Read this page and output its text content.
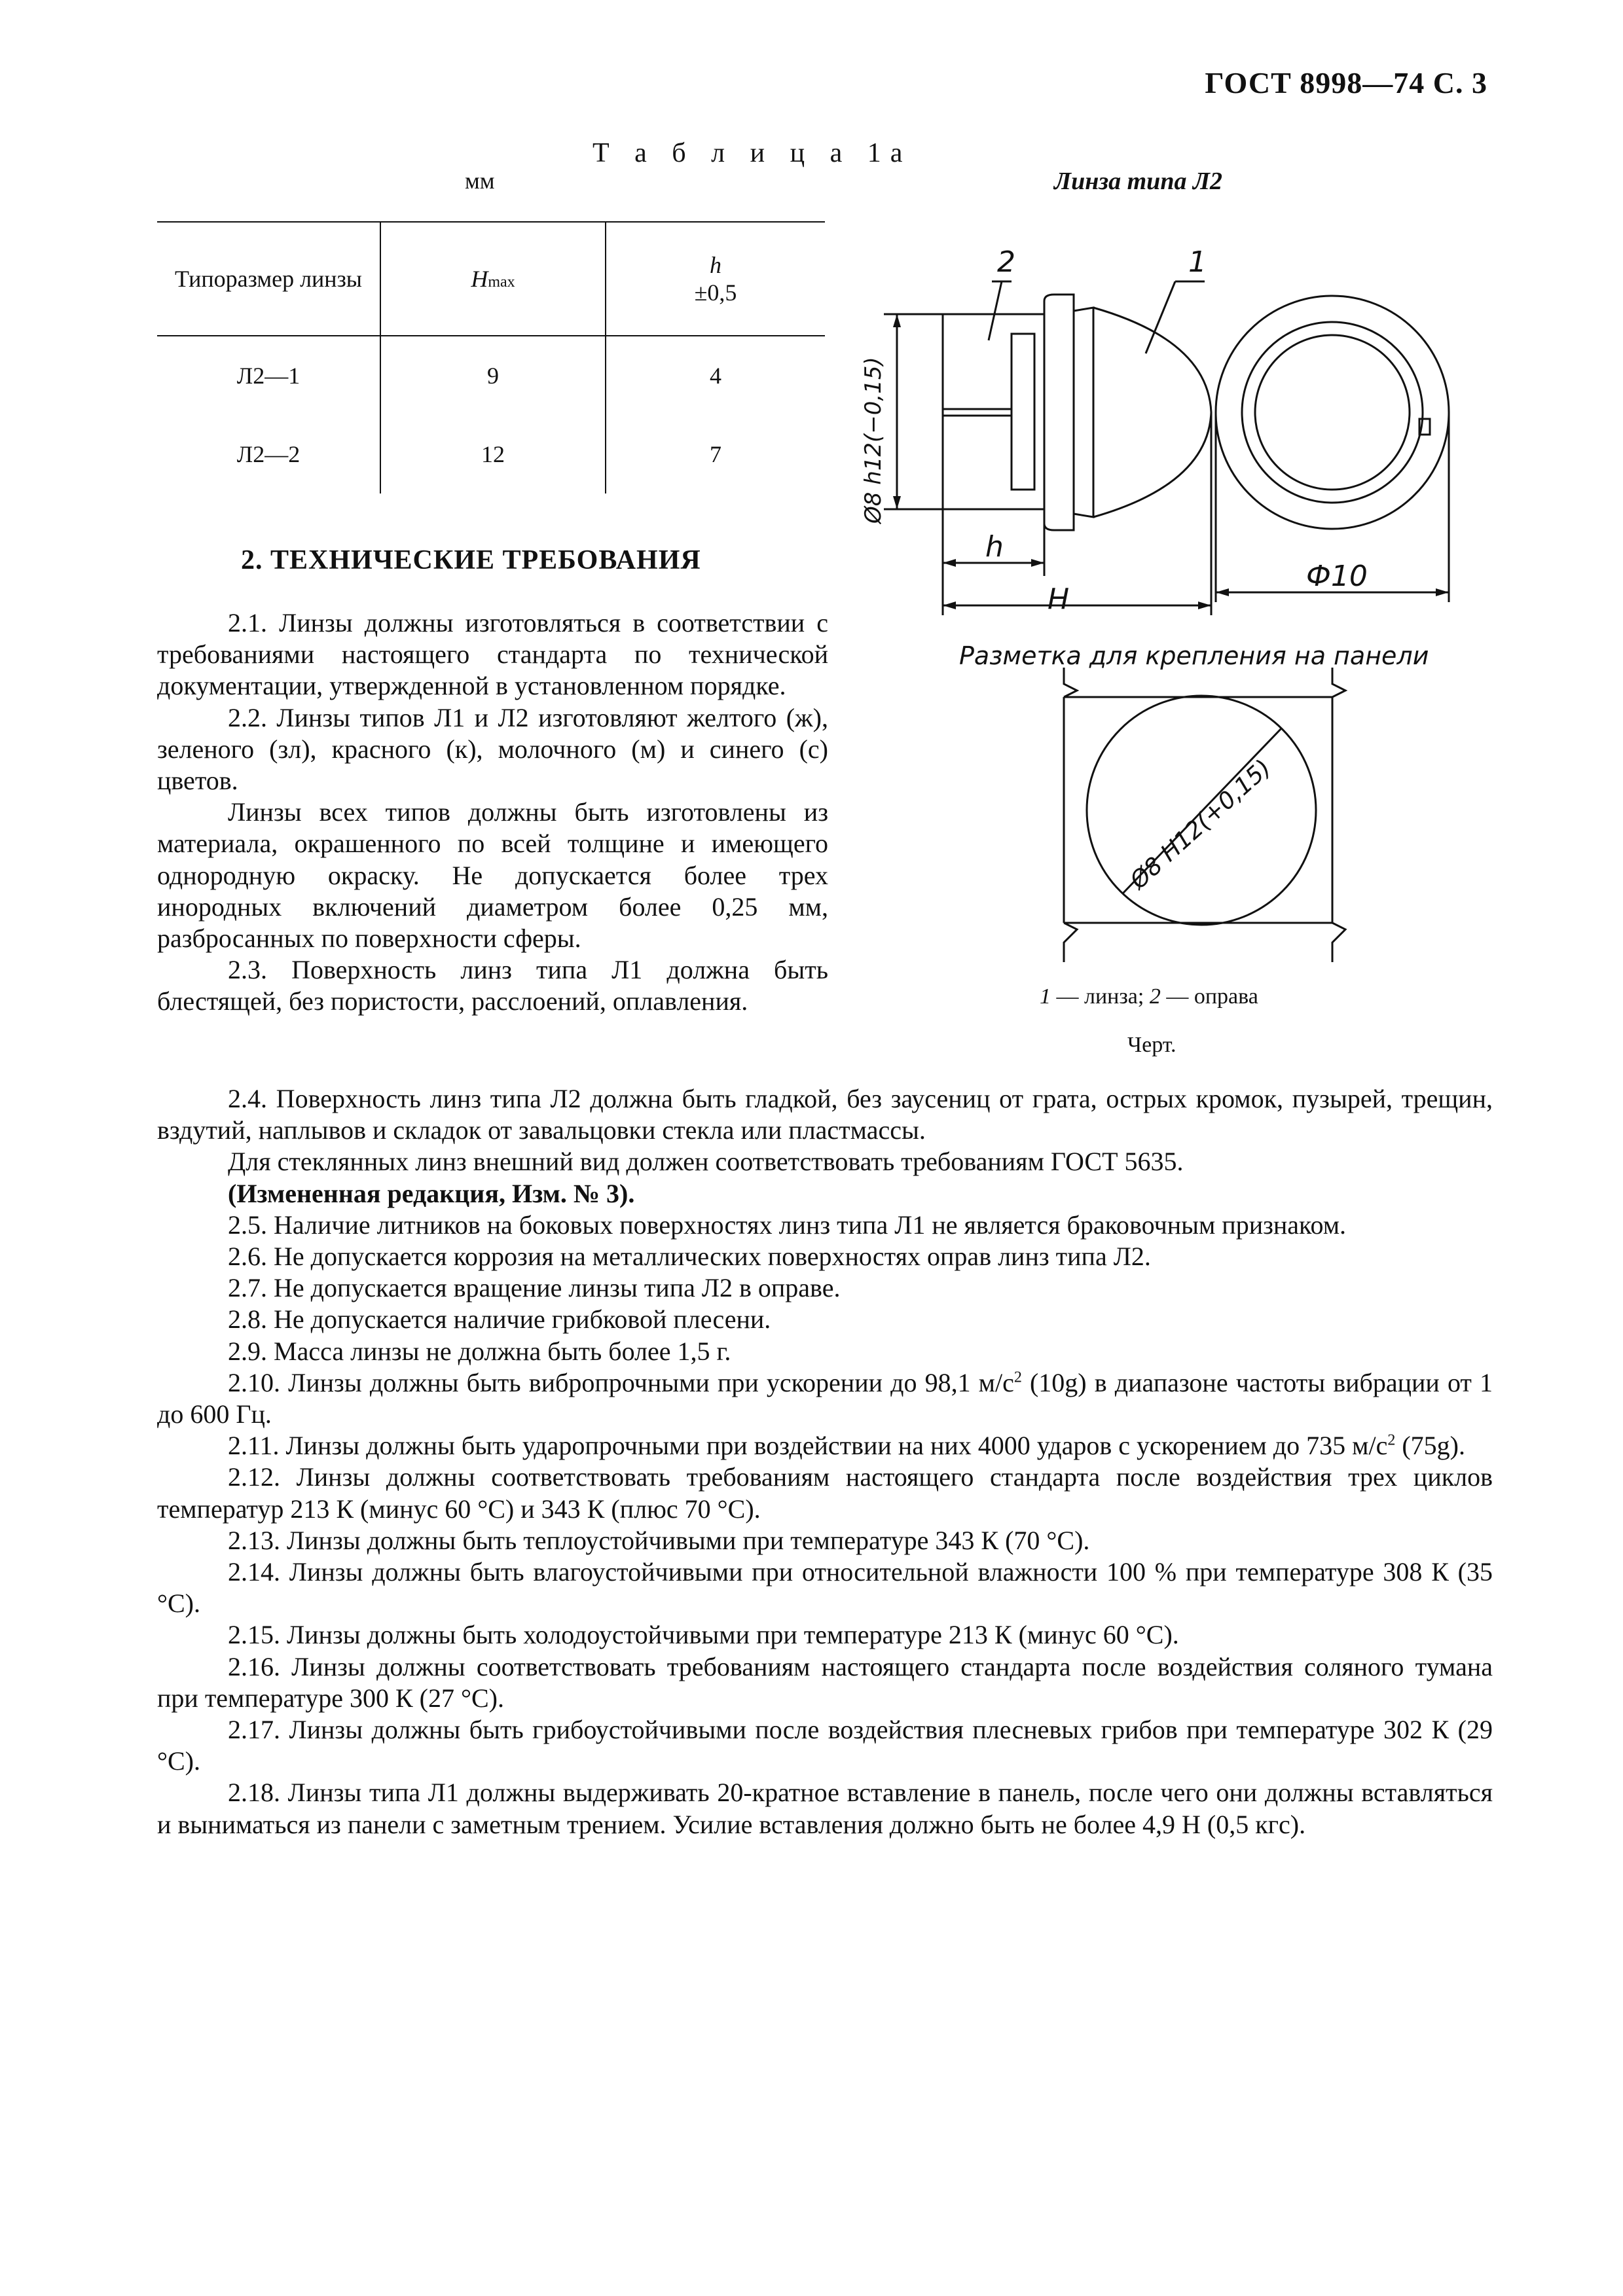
ГОСТ 8998—74 С. 3
Т а б л и ц а 1а
мм
Типоразмер линзы	Hmax	h
±0,5
Л2—1	9	4
Л2—2	12	7
Линза типа Л2
2	1
Ø8 h12(−0,15)
h
H
Ф10
Разметка для крепления на панели
Ø8 H12(+0,15)
1 — линза; 2 — оправа
Черт.
2. ТЕХНИЧЕСКИЕ ТРЕБОВАНИЯ

2.1. Линзы должны изготовляться в соответствии с требованиями настоящего стандарта по технической документации, утвержденной в установленном порядке.

2.2. Линзы типов Л1 и Л2 изготовляют желтого (ж), зеленого (зл), красного (к), молочного (м) и синего (с) цветов.

Линзы всех типов должны быть изготовлены из материала, окрашенного по всей толщине и имеющего однородную окраску. Не допускается более трех инородных включений диаметром более 0,25 мм, разбросанных по поверхности сферы.

2.3. Поверхность линз типа Л1 должна быть блестящей, без пористости, расслоений, оплавления.

2.4. Поверхность линз типа Л2 должна быть гладкой, без заусениц от грата, острых кромок, пузырей, трещин, вздутий, наплывов и складок от завальцовки стекла или пластмассы.

Для стеклянных линз внешний вид должен соответствовать требованиям ГОСТ 5635.

(Измененная редакция, Изм. № 3).

2.5. Наличие литников на боковых поверхностях линз типа Л1 не является браковочным признаком.

2.6. Не допускается коррозия на металлических поверхностях оправ линз типа Л2.

2.7. Не допускается вращение линзы типа Л2 в оправе.

2.8. Не допускается наличие грибковой плесени.

2.9. Масса линзы не должна быть более 1,5 г.

2.10. Линзы должны быть вибропрочными при ускорении до 98,1 $м/с^2$ (10g) в диапазоне частоты вибрации от 1 до 600 Гц.

2.11. Линзы должны быть ударопрочными при воздействии на них 4000 ударов с ускорением до 735 $м/с^2$ (75g).

2.12. Линзы должны соответствовать требованиям настоящего стандарта после воздействия трех циклов температур 213 К (минус 60 °С) и 343 К (плюс 70 °С).

2.13. Линзы должны быть теплоустойчивыми при температуре 343 К (70 °С).

2.14. Линзы должны быть влагоустойчивыми при относительной влажности 100 % при температуре 308 К (35 °С).

2.15. Линзы должны быть холодоустойчивыми при температуре 213 К (минус 60 °С).

2.16. Линзы должны соответствовать требованиям настоящего стандарта после воздействия соляного тумана при температуре 300 К (27 °С).

2.17. Линзы должны быть грибоустойчивыми после воздействия плесневых грибов при температуре 302 К (29 °С).

2.18. Линзы типа Л1 должны выдерживать 20-кратное вставление в панель, после чего они должны вставляться и выниматься из панели с заметным трением. Усилие вставления должно быть не более 4,9 Н (0,5 кгс).
